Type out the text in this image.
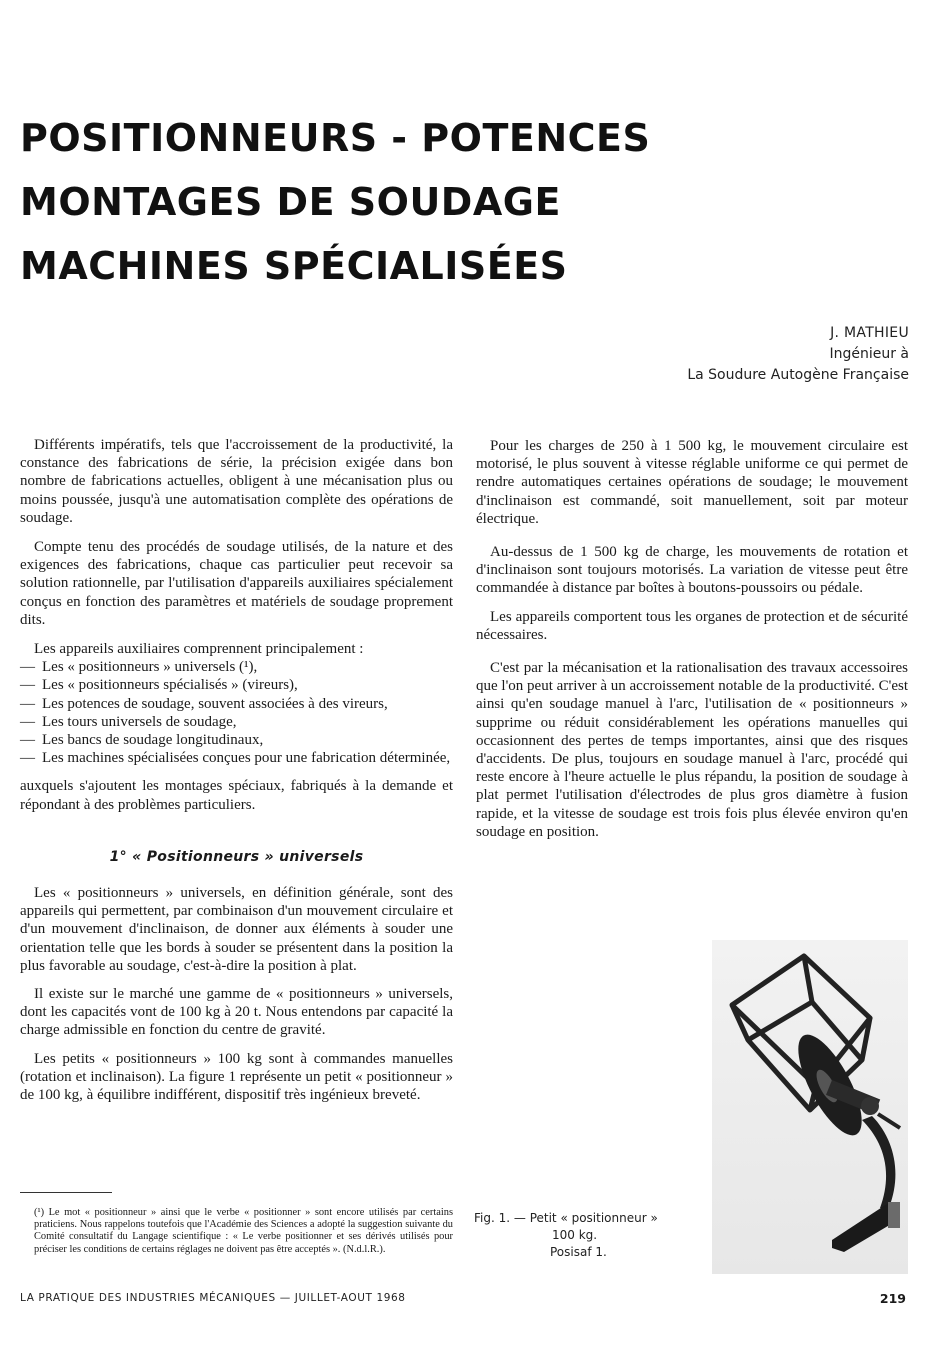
POSITIONNEURS - POTENCES
MONTAGES DE SOUDAGE
MACHINES SPÉCIALISÉES
J. MATHIEU
Ingénieur à
La Soudure Autogène Française

Différents impératifs, tels que l'accroissement de la productivité, la constance des fabrications de série, la précision exigée dans bon nombre de fabrications actuelles, obligent à une mécanisation plus ou moins poussée, jusqu'à une automatisation complète des opérations de soudage.

Compte tenu des procédés de soudage utilisés, de la nature et des exigences des fabrications, chaque cas particulier peut recevoir sa solution rationnelle, par l'utilisation d'appareils auxiliaires spécialement conçus en fonction des paramètres et matériels de soudage proprement dits.

Les appareils auxiliaires comprennent principalement :

— Les « positionneurs » universels (¹),
— Les « positionneurs spécialisés » (vireurs),
— Les potences de soudage, souvent associées à des vireurs,
— Les tours universels de soudage,
— Les bancs de soudage longitudinaux,
— Les machines spécialisées conçues pour une fabrication déterminée,

auxquels s'ajoutent les montages spéciaux, fabriqués à la demande et répondant à des problèmes particuliers.

1° « Positionneurs » universels

Les « positionneurs » universels, en définition générale, sont des appareils qui permettent, par combinaison d'un mouvement circulaire et d'un mouvement d'inclinaison, de donner aux éléments à souder une orientation telle que les bords à souder se présentent dans la position la plus favorable au soudage, c'est-à-dire la position à plat.

Il existe sur le marché une gamme de « positionneurs » universels, dont les capacités vont de 100 kg à 20 t. Nous entendons par capacité la charge admissible en fonction du centre de gravité.

Les petits « positionneurs » 100 kg sont à commandes manuelles (rotation et inclinaison). La figure 1 représente un petit « positionneur » de 100 kg, à équilibre indifférent, dispositif très ingénieux breveté.

Pour les charges de 250 à 1 500 kg, le mouvement circulaire est motorisé, le plus souvent à vitesse réglable uniforme ce qui permet de rendre automatiques certaines opérations de soudage; le mouvement d'inclinaison est commandé, soit manuellement, soit par moteur électrique.

Au-dessus de 1 500 kg de charge, les mouvements de rotation et d'inclinaison sont toujours motorisés. La variation de vitesse peut être commandée à distance par boîtes à boutons-poussoirs ou pédale.

Les appareils comportent tous les organes de protection et de sécurité nécessaires.

C'est par la mécanisation et la rationalisation des travaux accessoires que l'on peut arriver à un accroissement notable de la productivité. C'est ainsi qu'en soudage manuel à l'arc, l'utilisation de « positionneurs » supprime ou réduit considérablement les opérations manuelles qui occasionnent des pertes de temps importantes, ainsi que des risques d'accidents. De plus, toujours en soudage manuel à l'arc, procédé qui reste encore à l'heure actuelle le plus répandu, la position de soudage à plat permet l'utilisation d'électrodes de plus gros diamètre à fusion rapide, et la vitesse de soudage est trois fois plus élevée environ qu'en soudage en position.

Fig. 1. — Petit « positionneur »
100 kg.
Posisaf 1.

(¹) Le mot « positionneur » ainsi que le verbe « positionner » sont encore utilisés par certains praticiens. Nous rappelons toutefois que l'Académie des Sciences a adopté la suggestion suivante du Comité consultatif du Langage scientifique : « Le verbe positionner et ses dérivés utilisés pour préciser les conditions de certains réglages ne doivent pas être acceptés ». (N.d.l.R.).

LA PRATIQUE DES INDUSTRIES MÉCANIQUES — JUILLET-AOUT 1968	219
